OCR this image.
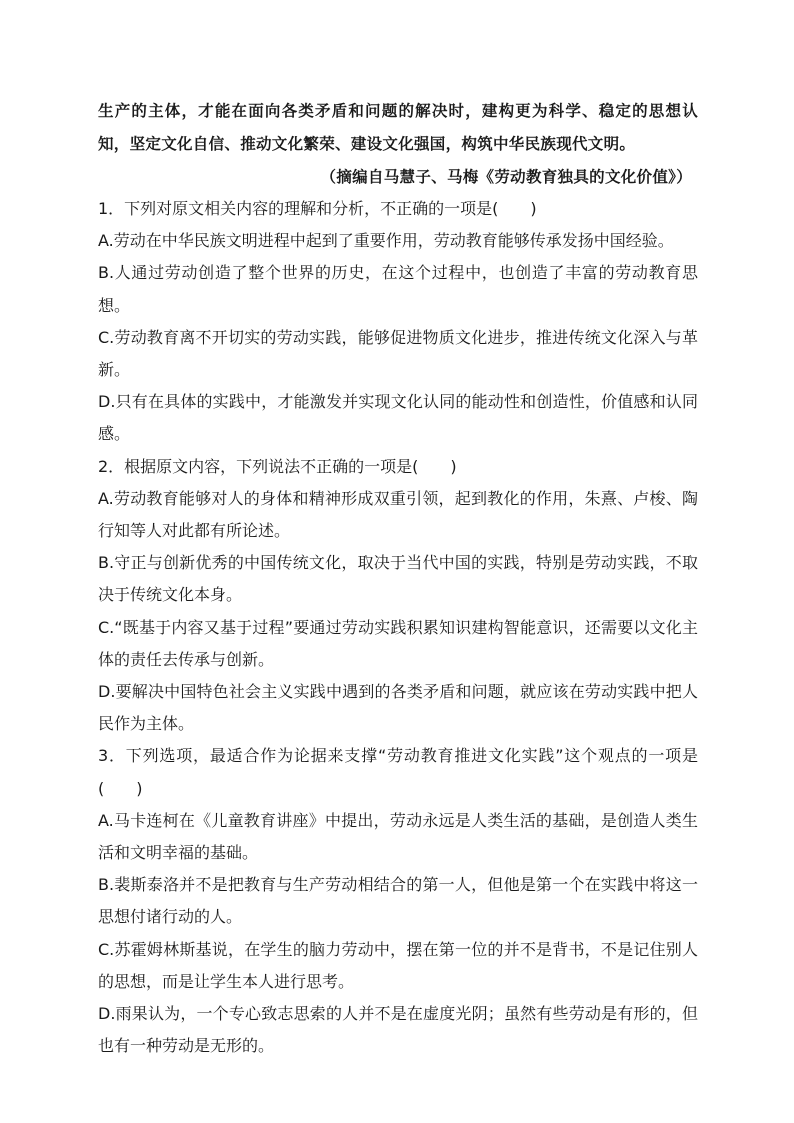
生产的主体，才能在面向各类矛盾和问题的解决时，建构更为科学、稳定的思想认知，坚定文化自信、推动文化繁荣、建设文化强国，构筑中华民族现代文明。

（摘编自马慧子、马梅《劳动教育独具的文化价值》）

1．下列对原文相关内容的理解和分析，不正确的一项是(　　)

A.劳动在中华民族文明进程中起到了重要作用，劳动教育能够传承发扬中国经验。

B.人通过劳动创造了整个世界的历史，在这个过程中，也创造了丰富的劳动教育思想。

C.劳动教育离不开切实的劳动实践，能够促进物质文化进步，推进传统文化深入与革新。

D.只有在具体的实践中，才能激发并实现文化认同的能动性和创造性，价值感和认同感。

2．根据原文内容，下列说法不正确的一项是(　　)

A.劳动教育能够对人的身体和精神形成双重引领，起到教化的作用，朱熹、卢梭、陶行知等人对此都有所论述。

B.守正与创新优秀的中国传统文化，取决于当代中国的实践，特别是劳动实践，不取决于传统文化本身。

C.“既基于内容又基于过程”要通过劳动实践积累知识建构智能意识，还需要以文化主体的责任去传承与创新。

D.要解决中国特色社会主义实践中遇到的各类矛盾和问题，就应该在劳动实践中把人民作为主体。

3．下列选项，最适合作为论据来支撑“劳动教育推进文化实践”这个观点的一项是(　　)

A.马卡连柯在《儿童教育讲座》中提出，劳动永远是人类生活的基础，是创造人类生活和文明幸福的基础。

B.裴斯泰洛并不是把教育与生产劳动相结合的第一人，但他是第一个在实践中将这一思想付诸行动的人。

C.苏霍姆林斯基说，在学生的脑力劳动中，摆在第一位的并不是背书，不是记住别人的思想，而是让学生本人进行思考。

D.雨果认为，一个专心致志思索的人并不是在虚度光阴；虽然有些劳动是有形的，但也有一种劳动是无形的。
